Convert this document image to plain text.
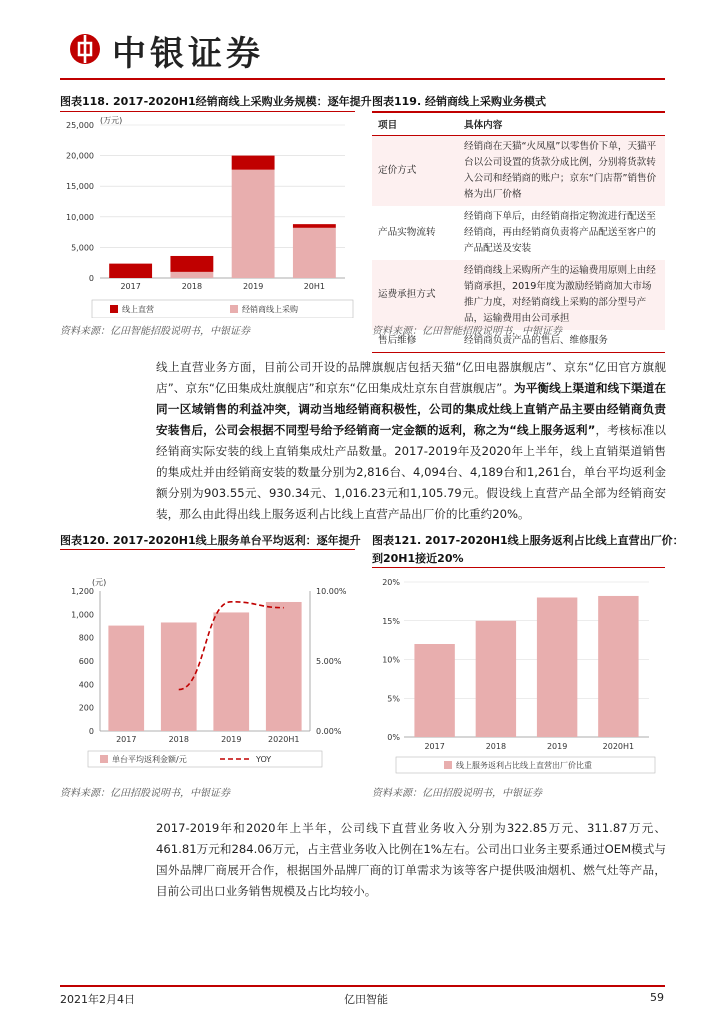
中银证券
图表118. 2017-2020H1经销商线上采购业务规模：逐年提升
(万元)
0
5,000
10,000
15,000
20,000
25,000
2017	2018	2019	20H1
线上直营	经销商线上采购
资料来源：亿田智能招股说明书，中银证券
图表119. 经销商线上采购业务模式
项目	具体内容
定价方式	经销商在天猫“火凤凰”以零售价下单，天猫平台以公司设置的货款分成比例，分别将货款转入公司和经销商的账户；京东“门店帮”销售价格为出厂价格
产品实物流转	经销商下单后，由经销商指定物流进行配送至经销商，再由经销商负责将产品配送至客户的产品配送及安装
运费承担方式	经销商线上采购所产生的运输费用原则上由经销商承担，2019年度为激励经销商加大市场推广力度，对经销商线上采购的部分型号产品，运输费用由公司承担
售后维修	经销商负责产品的售后、维修服务
资料来源：亿田智能招股说明书，中银证券
线上直营业务方面，目前公司开设的品牌旗舰店包括天猫“亿田电器旗舰店”、京东“亿田官方旗舰店”、京东“亿田集成灶旗舰店”和京东“亿田集成灶京东自营旗舰店”。为平衡线上渠道和线下渠道在同一区域销售的利益冲突，调动当地经销商积极性，公司的集成灶线上直销产品主要由经销商负责安装售后，公司会根据不同型号给予经销商一定金额的返利，称之为“线上服务返利”，考核标准以经销商实际安装的线上直销集成灶产品数量。2017-2019年及2020年上半年，线上直销渠道销售的集成灶并由经销商安装的数量分别为2,816台、4,094台、4,189台和1,261台，单台平均返利金额分别为903.55元、930.34元、1,016.23元和1,105.79元。假设线上直营产品全部为经销商安装，那么由此得出线上服务返利占比线上直营产品出厂价的比重约20%。
图表120. 2017-2020H1线上服务单台平均返利：逐年提升
(元)
0
200
400
600
800
1,000
1,200
0.00%
5.00%
10.00%
2017	2018	2019	2020H1
单台平均返利金额/元	YOY
资料来源：亿田招股说明书，中银证券
图表121. 2017-2020H1线上服务返利占比线上直营出厂价：
到20H1接近20%
0%
5%
10%
15%
20%
2017	2018	2019	2020H1
线上服务返利占比线上直营出厂价比重
资料来源：亿田招股说明书，中银证券
2017-2019年和2020年上半年，公司线下直营业务收入分别为322.85万元、311.87万元、461.81万元和284.06万元，占主营业务收入比例在1%左右。公司出口业务主要系通过OEM模式与国外品牌厂商展开合作，根据国外品牌厂商的订单需求为该等客户提供吸油烟机、燃气灶等产品，目前公司出口业务销售规模及占比均较小。
2021年2月4日	亿田智能	59
